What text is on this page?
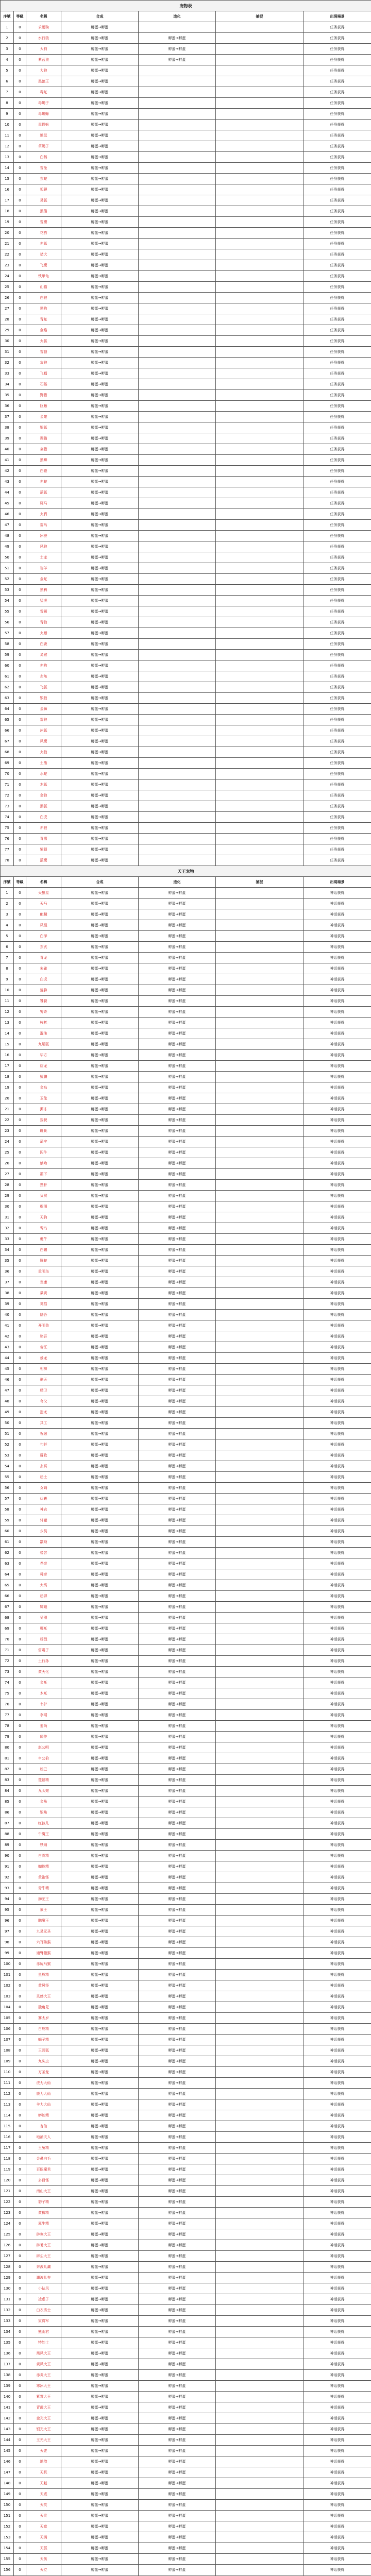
宠物表						
序號	等級	名稱	合成	進化	捕捉	出現場景
1	0	求雨狗	孵蛋→孵蛋			任务获得
2	0	水行狼	孵蛋→孵蛋	孵蛋→孵蛋		任务获得
3	0	大狗	孵蛋→孵蛋	孵蛋→孵蛋		任务获得
4	0	紫蓝狼	孵蛋→孵蛋	孵蛋→孵蛋		任务获得
5	0	大狼	孵蛋→孵蛋			任务获得
6	0	黑狼王	孵蛋→孵蛋			任务获得
7	0	毒蛇	孵蛋→孵蛋			任务获得
8	0	毒蝎子	孵蛋→孵蛋			任务获得
9	0	毒蟾蜍	孵蛋→孵蛋			任务获得
10	0	毒蜈蚣	孵蛋→孵蛋			任务获得
11	0	地鼠	孵蛋→孵蛋			任务获得
12	0	草蝎子	孵蛋→孵蛋			任务获得
13	0	白鹤	孵蛋→孵蛋			任务获得
14	0	雪兔	孵蛋→孵蛋			任务获得
15	0	玄蛇	孵蛋→孵蛋			任务获得
16	0	狐狸	孵蛋→孵蛋			任务获得
17	0	灵狐	孵蛋→孵蛋			任务获得
18	0	黑熊	孵蛋→孵蛋			任务获得
19	0	雪鹰	孵蛋→孵蛋			任务获得
20	0	花豹	孵蛋→孵蛋			任务获得
21	0	赤狐	孵蛋→孵蛋			任务获得
22	0	猎犬	孵蛋→孵蛋			任务获得
23	0	飞鹰	孵蛋→孵蛋			任务获得
24	0	铁甲龟	孵蛋→孵蛋			任务获得
25	0	山猫	孵蛋→孵蛋			任务获得
26	0	白狼	孵蛋→孵蛋			任务获得
27	0	黑豹	孵蛋→孵蛋			任务获得
28	0	青蛇	孵蛋→孵蛋			任务获得
29	0	金蟾	孵蛋→孵蛋			任务获得
30	0	火狐	孵蛋→孵蛋			任务获得
31	0	雪貂	孵蛋→孵蛋			任务获得
32	0	灰狼	孵蛋→孵蛋			任务获得
33	0	飞蝠	孵蛋→孵蛋			任务获得
34	0	石猴	孵蛋→孵蛋			任务获得
35	0	野猪	孵蛋→孵蛋			任务获得
36	0	巨蜥	孵蛋→孵蛋			任务获得
37	0	金雕	孵蛋→孵蛋			任务获得
38	0	银狐	孵蛋→孵蛋			任务获得
39	0	狸猫	孵蛋→孵蛋			任务获得
40	0	豪猪	孵蛋→孵蛋			任务获得
41	0	黑蟒	孵蛋→孵蛋			任务获得
42	0	白猿	孵蛋→孵蛋			任务获得
43	0	赤蛇	孵蛋→孵蛋			任务获得
44	0	蓝狐	孵蛋→孵蛋			任务获得
45	0	斑马	孵蛋→孵蛋			任务获得
46	0	火鸦	孵蛋→孵蛋			任务获得
47	0	雷鸟	孵蛋→孵蛋			任务获得
48	0	冰蚕	孵蛋→孵蛋			任务获得
49	0	风狼	孵蛋→孵蛋			任务获得
50	0	土龙	孵蛋→孵蛋			任务获得
51	0	岩羊	孵蛋→孵蛋			任务获得
52	0	金蛇	孵蛋→孵蛋			任务获得
53	0	黑鸦	孵蛋→孵蛋			任务获得
54	0	猛虎	孵蛋→孵蛋			任务获得
55	0	雪狮	孵蛋→孵蛋			任务获得
56	0	青狼	孵蛋→孵蛋			任务获得
57	0	火蜥	孵蛋→孵蛋			任务获得
58	0	白鹿	孵蛋→孵蛋			任务获得
59	0	灵猴	孵蛋→孵蛋			任务获得
60	0	赤豹	孵蛋→孵蛋			任务获得
61	0	玄龟	孵蛋→孵蛋			任务获得
62	0	飞狐	孵蛋→孵蛋			任务获得
63	0	银狼	孵蛋→孵蛋			任务获得
64	0	金狮	孵蛋→孵蛋			任务获得
65	0	雷狼	孵蛋→孵蛋			任务获得
66	0	冰狐	孵蛋→孵蛋			任务获得
67	0	风鹰	孵蛋→孵蛋			任务获得
68	0	火狼	孵蛋→孵蛋			任务获得
69	0	土熊	孵蛋→孵蛋			任务获得
70	0	水蛇	孵蛋→孵蛋			任务获得
71	0	木狐	孵蛋→孵蛋			任务获得
72	0	金狼	孵蛋→孵蛋			任务获得
73	0	黑狐	孵蛋→孵蛋			任务获得
74	0	白虎	孵蛋→孵蛋			任务获得
75	0	赤狼	孵蛋→孵蛋			任务获得
76	0	青鹰	孵蛋→孵蛋			任务获得
77	0	紫貂	孵蛋→孵蛋			任务获得
78	0	蓝鹰	孵蛋→孵蛋			任务获得
天王宠物						
序號	等級	名稱	合成	進化	捕捉	出現場景
1	0	天狼星	孵蛋→孵蛋	孵蛋→孵蛋		神话获得
2	0	天马	孵蛋→孵蛋	孵蛋→孵蛋		神话获得
3	0	麒麟	孵蛋→孵蛋	孵蛋→孵蛋		神话获得
4	0	凤凰	孵蛋→孵蛋	孵蛋→孵蛋		神话获得
5	0	白泽	孵蛋→孵蛋	孵蛋→孵蛋		神话获得
6	0	玄武	孵蛋→孵蛋	孵蛋→孵蛋		神话获得
7	0	青龙	孵蛋→孵蛋	孵蛋→孵蛋		神话获得
8	0	朱雀	孵蛋→孵蛋	孵蛋→孵蛋		神话获得
9	0	白虎	孵蛋→孵蛋	孵蛋→孵蛋		神话获得
10	0	貔貅	孵蛋→孵蛋	孵蛋→孵蛋		神话获得
11	0	饕餮	孵蛋→孵蛋	孵蛋→孵蛋		神话获得
12	0	穷奇	孵蛋→孵蛋	孵蛋→孵蛋		神话获得
13	0	梼杌	孵蛋→孵蛋	孵蛋→孵蛋		神话获得
14	0	混沌	孵蛋→孵蛋	孵蛋→孵蛋		神话获得
15	0	九尾狐	孵蛋→孵蛋	孵蛋→孵蛋		神话获得
16	0	毕方	孵蛋→孵蛋	孵蛋→孵蛋		神话获得
17	0	应龙	孵蛋→孵蛋	孵蛋→孵蛋		神话获得
18	0	鲲鹏	孵蛋→孵蛋	孵蛋→孵蛋		神话获得
19	0	金乌	孵蛋→孵蛋	孵蛋→孵蛋		神话获得
20	0	玉兔	孵蛋→孵蛋	孵蛋→孵蛋		神话获得
21	0	獬豸	孵蛋→孵蛋	孵蛋→孵蛋		神话获得
22	0	狻猊	孵蛋→孵蛋	孵蛋→孵蛋		神话获得
23	0	睚眦	孵蛋→孵蛋	孵蛋→孵蛋		神话获得
24	0	蒲牢	孵蛋→孵蛋	孵蛋→孵蛋		神话获得
25	0	囚牛	孵蛋→孵蛋	孵蛋→孵蛋		神话获得
26	0	螭吻	孵蛋→孵蛋	孵蛋→孵蛋		神话获得
27	0	霸下	孵蛋→孵蛋	孵蛋→孵蛋		神话获得
28	0	狴犴	孵蛋→孵蛋	孵蛋→孵蛋		神话获得
29	0	负屃	孵蛋→孵蛋	孵蛋→孵蛋		神话获得
30	0	椒图	孵蛋→孵蛋	孵蛋→孵蛋		神话获得
31	0	天狗	孵蛋→孵蛋	孵蛋→孵蛋		神话获得
32	0	鸾鸟	孵蛋→孵蛋	孵蛋→孵蛋		神话获得
33	0	夔牛	孵蛋→孵蛋	孵蛋→孵蛋		神话获得
34	0	白矖	孵蛋→孵蛋	孵蛋→孵蛋		神话获得
35	0	腾蛇	孵蛋→孵蛋	孵蛋→孵蛋		神话获得
36	0	重明鸟	孵蛋→孵蛋	孵蛋→孵蛋		神话获得
37	0	当康	孵蛋→孵蛋	孵蛋→孵蛋		神话获得
38	0	乘黄	孵蛋→孵蛋	孵蛋→孵蛋		神话获得
39	0	英招	孵蛋→孵蛋	孵蛋→孵蛋		神话获得
40	0	陆吾	孵蛋→孵蛋	孵蛋→孵蛋		神话获得
41	0	开明兽	孵蛋→孵蛋	孵蛋→孵蛋		神话获得
42	0	驺吾	孵蛋→孵蛋	孵蛋→孵蛋		神话获得
43	0	帝江	孵蛋→孵蛋	孵蛋→孵蛋		神话获得
44	0	烛龙	孵蛋→孵蛋	孵蛋→孵蛋		神话获得
45	0	相柳	孵蛋→孵蛋	孵蛋→孵蛋		神话获得
46	0	刑天	孵蛋→孵蛋	孵蛋→孵蛋		神话获得
47	0	精卫	孵蛋→孵蛋	孵蛋→孵蛋		神话获得
48	0	夸父	孵蛋→孵蛋	孵蛋→孵蛋		神话获得
49	0	蚩尤	孵蛋→孵蛋	孵蛋→孵蛋		神话获得
50	0	共工	孵蛋→孵蛋	孵蛋→孵蛋		神话获得
51	0	祝融	孵蛋→孵蛋	孵蛋→孵蛋		神话获得
52	0	句芒	孵蛋→孵蛋	孵蛋→孵蛋		神话获得
53	0	蓐收	孵蛋→孵蛋	孵蛋→孵蛋		神话获得
54	0	玄冥	孵蛋→孵蛋	孵蛋→孵蛋		神话获得
55	0	后土	孵蛋→孵蛋	孵蛋→孵蛋		神话获得
56	0	女娲	孵蛋→孵蛋	孵蛋→孵蛋		神话获得
57	0	伏羲	孵蛋→孵蛋	孵蛋→孵蛋		神话获得
58	0	神农	孵蛋→孵蛋	孵蛋→孵蛋		神话获得
59	0	轩辕	孵蛋→孵蛋	孵蛋→孵蛋		神话获得
60	0	少昊	孵蛋→孵蛋	孵蛋→孵蛋		神话获得
61	0	颛顼	孵蛋→孵蛋	孵蛋→孵蛋		神话获得
62	0	帝喾	孵蛋→孵蛋	孵蛋→孵蛋		神话获得
63	0	尧帝	孵蛋→孵蛋	孵蛋→孵蛋		神话获得
64	0	舜帝	孵蛋→孵蛋	孵蛋→孵蛋		神话获得
65	0	大禹	孵蛋→孵蛋	孵蛋→孵蛋		神话获得
66	0	后羿	孵蛋→孵蛋	孵蛋→孵蛋		神话获得
67	0	嫦娥	孵蛋→孵蛋	孵蛋→孵蛋		神话获得
68	0	吴刚	孵蛋→孵蛋	孵蛋→孵蛋		神话获得
69	0	哪吒	孵蛋→孵蛋	孵蛋→孵蛋		神话获得
70	0	杨戬	孵蛋→孵蛋	孵蛋→孵蛋		神话获得
71	0	雷震子	孵蛋→孵蛋	孵蛋→孵蛋		神话获得
72	0	土行孙	孵蛋→孵蛋	孵蛋→孵蛋		神话获得
73	0	黄天化	孵蛋→孵蛋	孵蛋→孵蛋		神话获得
74	0	金吒	孵蛋→孵蛋	孵蛋→孵蛋		神话获得
75	0	木吒	孵蛋→孵蛋	孵蛋→孵蛋		神话获得
76	0	韦护	孵蛋→孵蛋	孵蛋→孵蛋		神话获得
77	0	李靖	孵蛋→孵蛋	孵蛋→孵蛋		神话获得
78	0	姜尚	孵蛋→孵蛋	孵蛋→孵蛋		神话获得
79	0	闻仲	孵蛋→孵蛋	孵蛋→孵蛋		神话获得
80	0	赵公明	孵蛋→孵蛋	孵蛋→孵蛋		神话获得
81	0	申公豹	孵蛋→孵蛋	孵蛋→孵蛋		神话获得
82	0	妲己	孵蛋→孵蛋	孵蛋→孵蛋		神话获得
83	0	琵琶精	孵蛋→孵蛋	孵蛋→孵蛋		神话获得
84	0	九头雉	孵蛋→孵蛋	孵蛋→孵蛋		神话获得
85	0	金角	孵蛋→孵蛋	孵蛋→孵蛋		神话获得
86	0	银角	孵蛋→孵蛋	孵蛋→孵蛋		神话获得
87	0	红孩儿	孵蛋→孵蛋	孵蛋→孵蛋		神话获得
88	0	牛魔王	孵蛋→孵蛋	孵蛋→孵蛋		神话获得
89	0	铁扇	孵蛋→孵蛋	孵蛋→孵蛋		神话获得
90	0	白骨精	孵蛋→孵蛋	孵蛋→孵蛋		神话获得
91	0	蜘蛛精	孵蛋→孵蛋	孵蛋→孵蛋		神话获得
92	0	黄袍怪	孵蛋→孵蛋	孵蛋→孵蛋		神话获得
93	0	青牛精	孵蛋→孵蛋	孵蛋→孵蛋		神话获得
94	0	狮驼王	孵蛋→孵蛋	孵蛋→孵蛋		神话获得
95	0	象王	孵蛋→孵蛋	孵蛋→孵蛋		神话获得
96	0	鹏魔王	孵蛋→孵蛋	孵蛋→孵蛋		神话获得
97	0	九灵元圣	孵蛋→孵蛋	孵蛋→孵蛋		神话获得
98	0	六耳猕猴	孵蛋→孵蛋	孵蛋→孵蛋		神话获得
99	0	通臂猿猴	孵蛋→孵蛋	孵蛋→孵蛋		神话获得
100	0	赤尻马猴	孵蛋→孵蛋	孵蛋→孵蛋		神话获得
101	0	黑熊精	孵蛋→孵蛋	孵蛋→孵蛋		神话获得
102	0	黄风怪	孵蛋→孵蛋	孵蛋→孵蛋		神话获得
103	0	灵感大王	孵蛋→孵蛋	孵蛋→孵蛋		神话获得
104	0	独角兕	孵蛋→孵蛋	孵蛋→孵蛋		神话获得
105	0	赛太岁	孵蛋→孵蛋	孵蛋→孵蛋		神话获得
106	0	白鹿精	孵蛋→孵蛋	孵蛋→孵蛋		神话获得
107	0	蝎子精	孵蛋→孵蛋	孵蛋→孵蛋		神话获得
108	0	玉面狐	孵蛋→孵蛋	孵蛋→孵蛋		神话获得
109	0	九头虫	孵蛋→孵蛋	孵蛋→孵蛋		神话获得
110	0	万圣龙	孵蛋→孵蛋	孵蛋→孵蛋		神话获得
111	0	虎力大仙	孵蛋→孵蛋	孵蛋→孵蛋		神话获得
112	0	鹿力大仙	孵蛋→孵蛋	孵蛋→孵蛋		神话获得
113	0	羊力大仙	孵蛋→孵蛋	孵蛋→孵蛋		神话获得
114	0	蟒蛇精	孵蛋→孵蛋	孵蛋→孵蛋		神话获得
115	0	杏仙	孵蛋→孵蛋	孵蛋→孵蛋		神话获得
116	0	地涌夫人	孵蛋→孵蛋	孵蛋→孵蛋		神话获得
117	0	玉兔精	孵蛋→孵蛋	孵蛋→孵蛋		神话获得
118	0	金鼻白毛	孵蛋→孵蛋	孵蛋→孵蛋		神话获得
119	0	百眼魔君	孵蛋→孵蛋	孵蛋→孵蛋		神话获得
120	0	多目怪	孵蛋→孵蛋	孵蛋→孵蛋		神话获得
121	0	南山大王	孵蛋→孵蛋	孵蛋→孵蛋		神话获得
122	0	豹子精	孵蛋→孵蛋	孵蛋→孵蛋		神话获得
123	0	黄狮精	孵蛋→孵蛋	孵蛋→孵蛋		神话获得
124	0	犀牛精	孵蛋→孵蛋	孵蛋→孵蛋		神话获得
125	0	辟寒大王	孵蛋→孵蛋	孵蛋→孵蛋		神话获得
126	0	辟暑大王	孵蛋→孵蛋	孵蛋→孵蛋		神话获得
127	0	辟尘大王	孵蛋→孵蛋	孵蛋→孵蛋		神话获得
128	0	奔波儿灞	孵蛋→孵蛋	孵蛋→孵蛋		神话获得
129	0	灞波儿奔	孵蛋→孵蛋	孵蛋→孵蛋		神话获得
130	0	小钻风	孵蛋→孵蛋	孵蛋→孵蛋		神话获得
131	0	凌虚子	孵蛋→孵蛋	孵蛋→孵蛋		神话获得
132	0	白衣秀士	孵蛋→孵蛋	孵蛋→孵蛋		神话获得
133	0	寅将军	孵蛋→孵蛋	孵蛋→孵蛋		神话获得
134	0	熊山君	孵蛋→孵蛋	孵蛋→孵蛋		神话获得
135	0	特处士	孵蛋→孵蛋	孵蛋→孵蛋		神话获得
136	0	黑风大王	孵蛋→孵蛋	孵蛋→孵蛋		神话获得
137	0	黄风大王	孵蛋→孵蛋	孵蛋→孵蛋		神话获得
138	0	赤炎大王	孵蛋→孵蛋	孵蛋→孵蛋		神话获得
139	0	寒冰大王	孵蛋→孵蛋	孵蛋→孵蛋		神话获得
140	0	紫霄大王	孵蛋→孵蛋	孵蛋→孵蛋		神话获得
141	0	青霞大王	孵蛋→孵蛋	孵蛋→孵蛋		神话获得
142	0	金光大王	孵蛋→孵蛋	孵蛋→孵蛋		神话获得
143	0	银光大王	孵蛋→孵蛋	孵蛋→孵蛋		神话获得
144	0	玉光大王	孵蛋→孵蛋	孵蛋→孵蛋		神话获得
145	0	天罡	孵蛋→孵蛋	孵蛋→孵蛋		神话获得
146	0	地煞	孵蛋→孵蛋	孵蛋→孵蛋		神话获得
147	0	天机	孵蛋→孵蛋	孵蛋→孵蛋		神话获得
148	0	天魁	孵蛋→孵蛋	孵蛋→孵蛋		神话获得
149	0	天威	孵蛋→孵蛋	孵蛋→孵蛋		神话获得
150	0	天英	孵蛋→孵蛋	孵蛋→孵蛋		神话获得
151	0	天贵	孵蛋→孵蛋	孵蛋→孵蛋		神话获得
152	0	天富	孵蛋→孵蛋	孵蛋→孵蛋		神话获得
153	0	天满	孵蛋→孵蛋	孵蛋→孵蛋		神话获得
154	0	天孤	孵蛋→孵蛋	孵蛋→孵蛋		神话获得
155	0	天伤	孵蛋→孵蛋	孵蛋→孵蛋		神话获得
156	0	天立	孵蛋→孵蛋	孵蛋→孵蛋		神话获得
